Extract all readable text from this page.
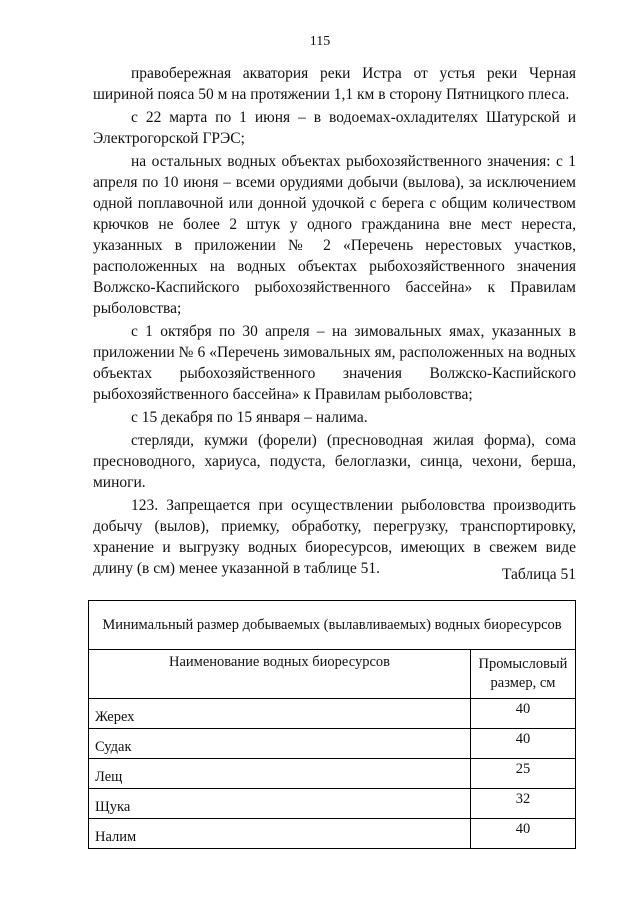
115

правобережная акватория реки Истра от устья реки Черная шириной пояса 50 м на протяжении 1,1 км в сторону Пятницкого плеса.

с 22 марта по 1 июня – в водоемах-охладителях Шатурской и Электрогорской ГРЭС;

на остальных водных объектах рыбохозяйственного значения: с 1 апреля по 10 июня – всеми орудиями добычи (вылова), за исключением одной поплавочной или донной удочкой с берега с общим количеством крючков не более 2 штук у одного гражданина вне мест нереста, указанных в приложении № 2 «Перечень нерестовых участков, расположенных на водных объектах рыбохозяйственного значения Волжско-Каспийского рыбохозяйственного бассейна» к Правилам рыболовства;

с 1 октября по 30 апреля – на зимовальных ямах, указанных в приложении № 6 «Перечень зимовальных ям, расположенных на водных объектах рыбохозяйственного значения Волжско-Каспийского рыбохозяйственного бассейна» к Правилам рыболовства;

с 15 декабря по 15 января – налима.

стерляди, кумжи (форели) (пресноводная жилая форма), сома пресноводного, хариуса, подуста, белоглазки, синца, чехони, берша, миноги.

123. Запрещается при осуществлении рыболовства производить добычу (вылов), приемку, обработку, перегрузку, транспортировку, хранение и выгрузку водных биоресурсов, имеющих в свежем виде длину (в см) менее указанной в таблице 51.	Таблица 51
Минимальный размер добываемых (вылавливаемых) водных биоресурсов	
Наименование водных биоресурсов	Промысловый размер, см
Жерех	40
Судак	40
Лещ	25
Щука	32
Налим	40
